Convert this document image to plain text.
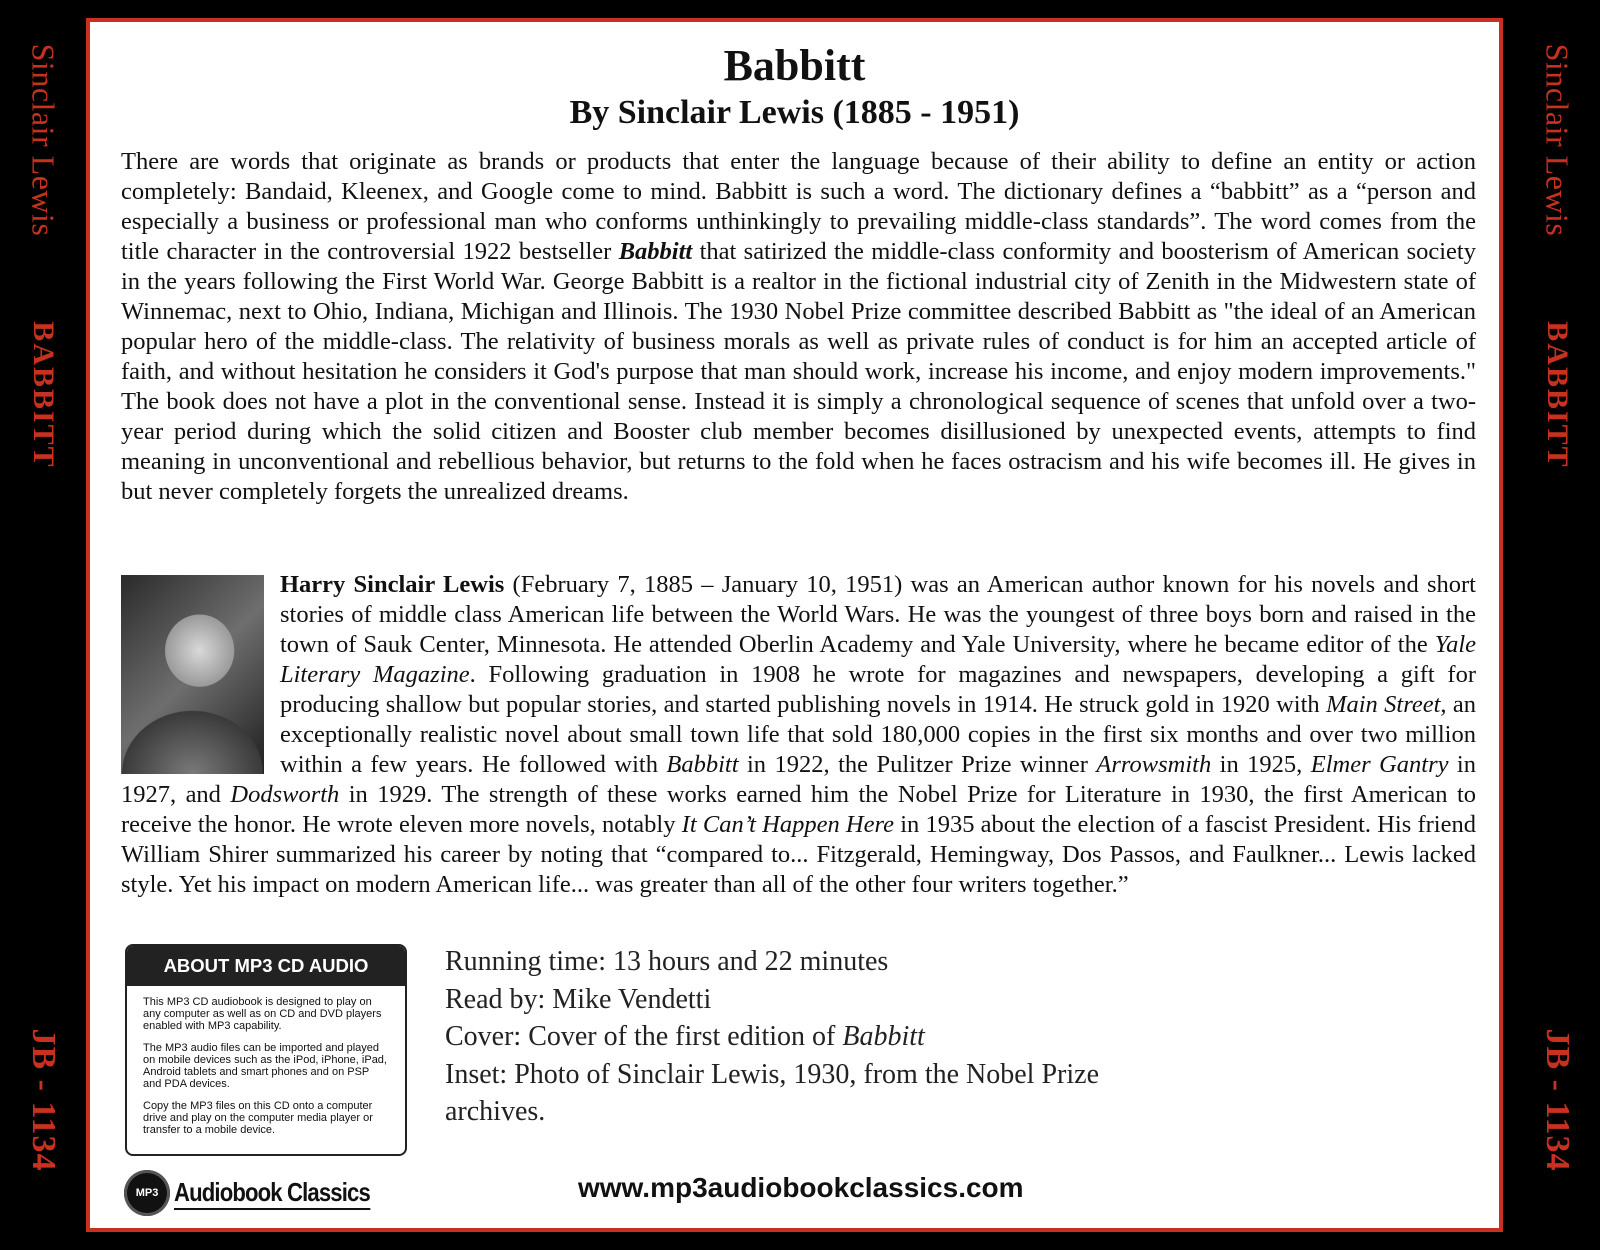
Sinclair Lewis
BABBITT
JB - 1134
Sinclair Lewis
BABBITT
JB - 1134
Babbitt
By Sinclair Lewis (1885 - 1951)
There are words that originate as brands or products that enter the language because of their ability to define an entity or action completely: Bandaid, Kleenex, and Google come to mind. Babbitt is such a word. The dictionary defines a “babbitt” as a “person and especially a business or professional man who conforms unthinkingly to prevailing middle-class standards”. The word comes from the title character in the controversial 1922 bestseller Babbitt that satirized the middle-class conformity and boosterism of American society in the years following the First World War. George Babbitt is a realtor in the fictional industrial city of Zenith in the Midwestern state of Winnemac, next to Ohio, Indiana, Michigan and Illinois. The 1930 Nobel Prize committee described Babbitt as "the ideal of an American popular hero of the middle-class. The relativity of business morals as well as private rules of conduct is for him an accepted article of faith, and without hesitation he considers it God's purpose that man should work, increase his income, and enjoy modern improvements." The book does not have a plot in the conventional sense. Instead it is simply a chronological sequence of scenes that unfold over a two-year period during which the solid citizen and Booster club member becomes disillusioned by unexpected events, attempts to find meaning in unconventional and rebellious behavior, but returns to the fold when he faces ostracism and his wife becomes ill. He gives in but never completely forgets the unrealized dreams.
Harry Sinclair Lewis (February 7, 1885 – January 10, 1951) was an American author known for his novels and short stories of middle class American life between the World Wars. He was the youngest of three boys born and raised in the town of Sauk Center, Minnesota. He attended Oberlin Academy and Yale University, where he became editor of the Yale Literary Magazine. Following graduation in 1908 he wrote for magazines and newspapers, developing a gift for producing shallow but popular stories, and started publishing novels in 1914. He struck gold in 1920 with Main Street, an exceptionally realistic novel about small town life that sold 180,000 copies in the first six months and over two million within a few years. He followed with Babbitt in 1922, the Pulitzer Prize winner Arrowsmith in 1925, Elmer Gantry in 1927, and Dodsworth in 1929. The strength of these works earned him the Nobel Prize for Literature in 1930, the first American to receive the honor. He wrote eleven more novels, notably It Can’t Happen Here in 1935 about the election of a fascist President. His friend William Shirer summarized his career by noting that “compared to... Fitzgerald, Hemingway, Dos Passos, and Faulkner... Lewis lacked style. Yet his impact on modern American life... was greater than all of the other four writers together.”
ABOUT MP3 CD AUDIO

This MP3 CD audiobook is designed to play on any computer as well as on CD and DVD players enabled with MP3 capability.

The MP3 audio files can be imported and played on mobile devices such as the iPod, iPhone, iPad, Android tablets and smart phones and on PSP and PDA devices.

Copy the MP3 files on this CD onto a computer drive and play on the computer media player or transfer to a mobile device.

Running time: 13 hours and 22 minutes
Read by: Mike Vendetti
Cover: Cover of the first edition of Babbitt
Inset: Photo of Sinclair Lewis, 1930, from the Nobel Prize archives.
MP3 Audiobook Classics	www.mp3audiobookclassics.com
